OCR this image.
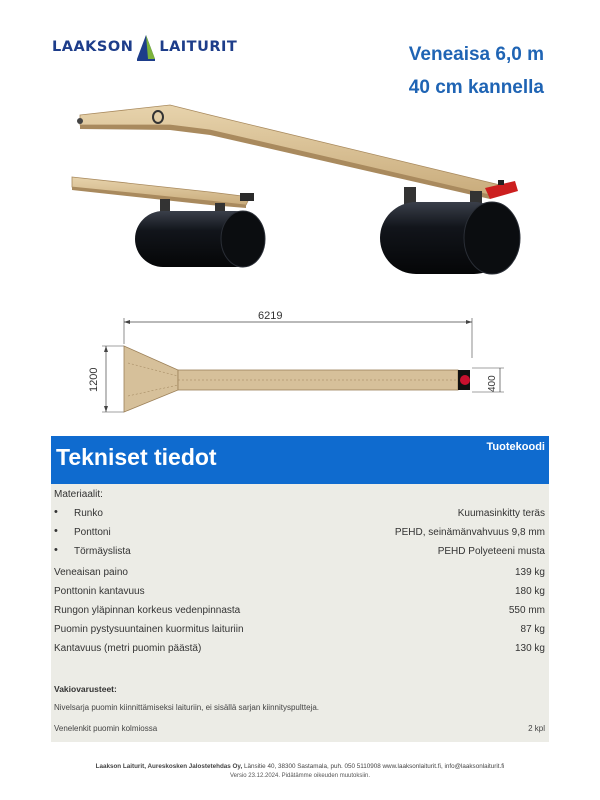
LAAKSON LAITURIT	Veneaisa 6,0 m
40 cm kannella
6219
1200	400
Tekniset tiedot	Tuotekoodi
Materiaalit:
• Runko	Kuumasinkitty teräs
• Ponttoni	PEHD, seinämänvahvuus 9,8 mm
• Törmäyslista	PEHD Polyeteeni musta
Veneaisan paino	139 kg
Ponttonin kantavuus	180 kg
Rungon yläpinnan korkeus vedenpinnasta	550 mm
Puomin pystysuuntainen kuormitus laituriin	87 kg
Kantavuus (metri puomin päästä)	130 kg
Vakiovarusteet:
Nivelsarja puomin kiinnittämiseksi laituriin, ei sisällä sarjan kiinnityspultteja.
Venelenkit puomin kolmiossa	2 kpl
Laakson Laiturit, Aureskosken Jalostetehdas Oy, Länsitie 40, 38300 Sastamala, puh. 050 5110908 www.laaksonlaiturit.fi, info@laaksonlaiturit.fi
Versio 23.12.2024. Pidätämme oikeuden muutoksiin.
